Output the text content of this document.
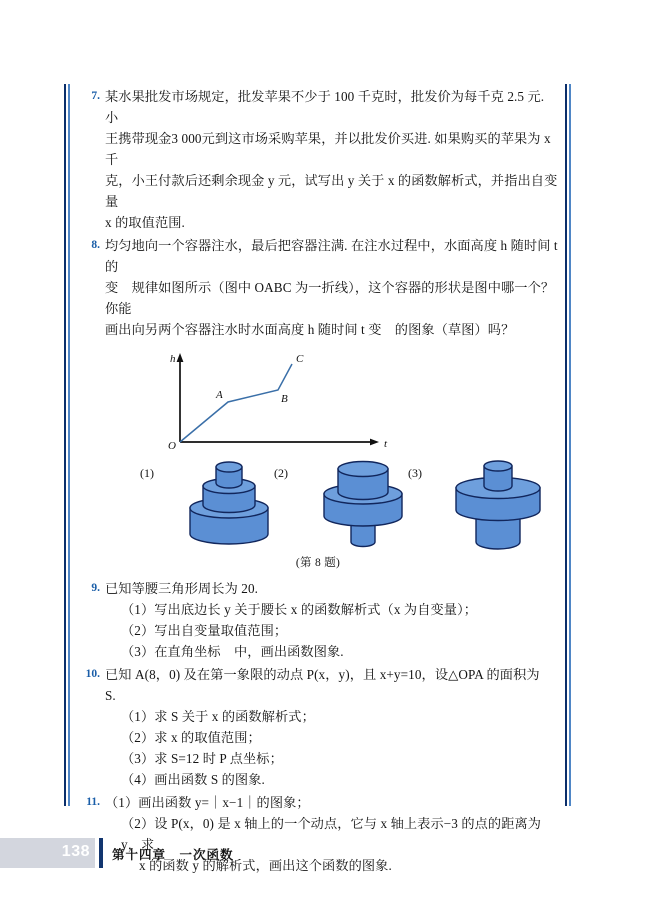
7. 某水果批发市场规定，批发苹果不少于 100 千克时，批发价为每千克 2.5 元. 小
王携带现金3 000元到这市场采购苹果，并以批发价买进. 如果购买的苹果为 x 千
克，小王付款后还剩余现金 y 元，试写出 y 关于 x 的函数解析式，并指出自变量
x 的取值范围.
8. 均匀地向一个容器注水，最后把容器注满. 在注水过程中，水面高度 h 随时间 t 的
变　规律如图所示（图中 OABC 为一折线），这个容器的形状是图中哪一个？你能
画出向另两个容器注水时水面高度 h 随时间 t 变　的图象（草图）吗？
h
t
O
A	B
C
(1)	(2)	(3)
(第 8 题)
9. 已知等腰三角形周长为 20.
（1）写出底边长 y 关于腰长 x 的函数解析式（x 为自变量）；
（2）写出自变量取值范围；
（3）在直角坐标　中，画出函数图象.
10. 已知 A(8，0) 及在第一象限的动点 P(x，y)，且 x+y=10，设△OPA 的面积为
S.
（1）求 S 关于 x 的函数解析式；
（2）求 x 的取值范围；
（3）求 S=12 时 P 点坐标；
（4）画出函数 S 的图象.
11. （1）画出函数 y=｜x−1｜的图象；
（2）设 P(x，0) 是 x 轴上的一个动点，它与 x 轴上表示−3 的点的距离为 y，求
x 的函数 y 的解析式，画出这个函数的图象.
138 第十四章　一次函数
